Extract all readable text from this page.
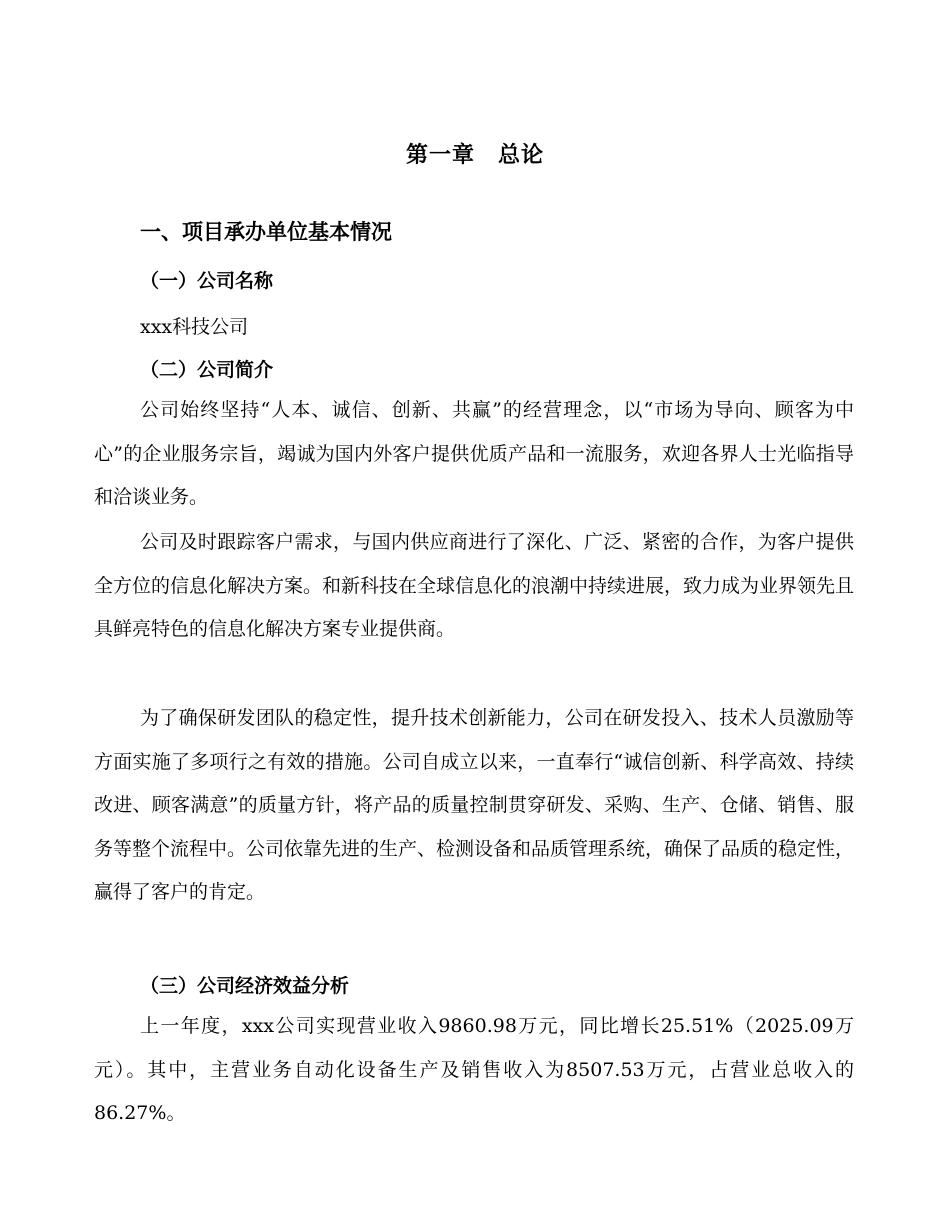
第一章　总论
一、项目承办单位基本情况
（一）公司名称
xxx科技公司
（二）公司简介

公司始终坚持“人本、诚信、创新、共赢”的经营理念，以“市场为导向、顾客为中心”的企业服务宗旨，竭诚为国内外客户提供优质产品和一流服务，欢迎各界人士光临指导和洽谈业务。

公司及时跟踪客户需求，与国内供应商进行了深化、广泛、紧密的合作，为客户提供全方位的信息化解决方案。和新科技在全球信息化的浪潮中持续进展，致力成为业界领先且具鲜亮特色的信息化解决方案专业提供商。

为了确保研发团队的稳定性，提升技术创新能力，公司在研发投入、技术人员激励等方面实施了多项行之有效的措施。公司自成立以来，一直奉行“诚信创新、科学高效、持续改进、顾客满意”的质量方针，将产品的质量控制贯穿研发、采购、生产、仓储、销售、服务等整个流程中。公司依靠先进的生产、检测设备和品质管理系统，确保了品质的稳定性，赢得了客户的肯定。

（三）公司经济效益分析

上一年度，xxx公司实现营业收入9860.98万元，同比增长25.51%（2025.09万元）。其中，主营业务自动化设备生产及销售收入为8507.53万元，占营业总收入的86.27%。
